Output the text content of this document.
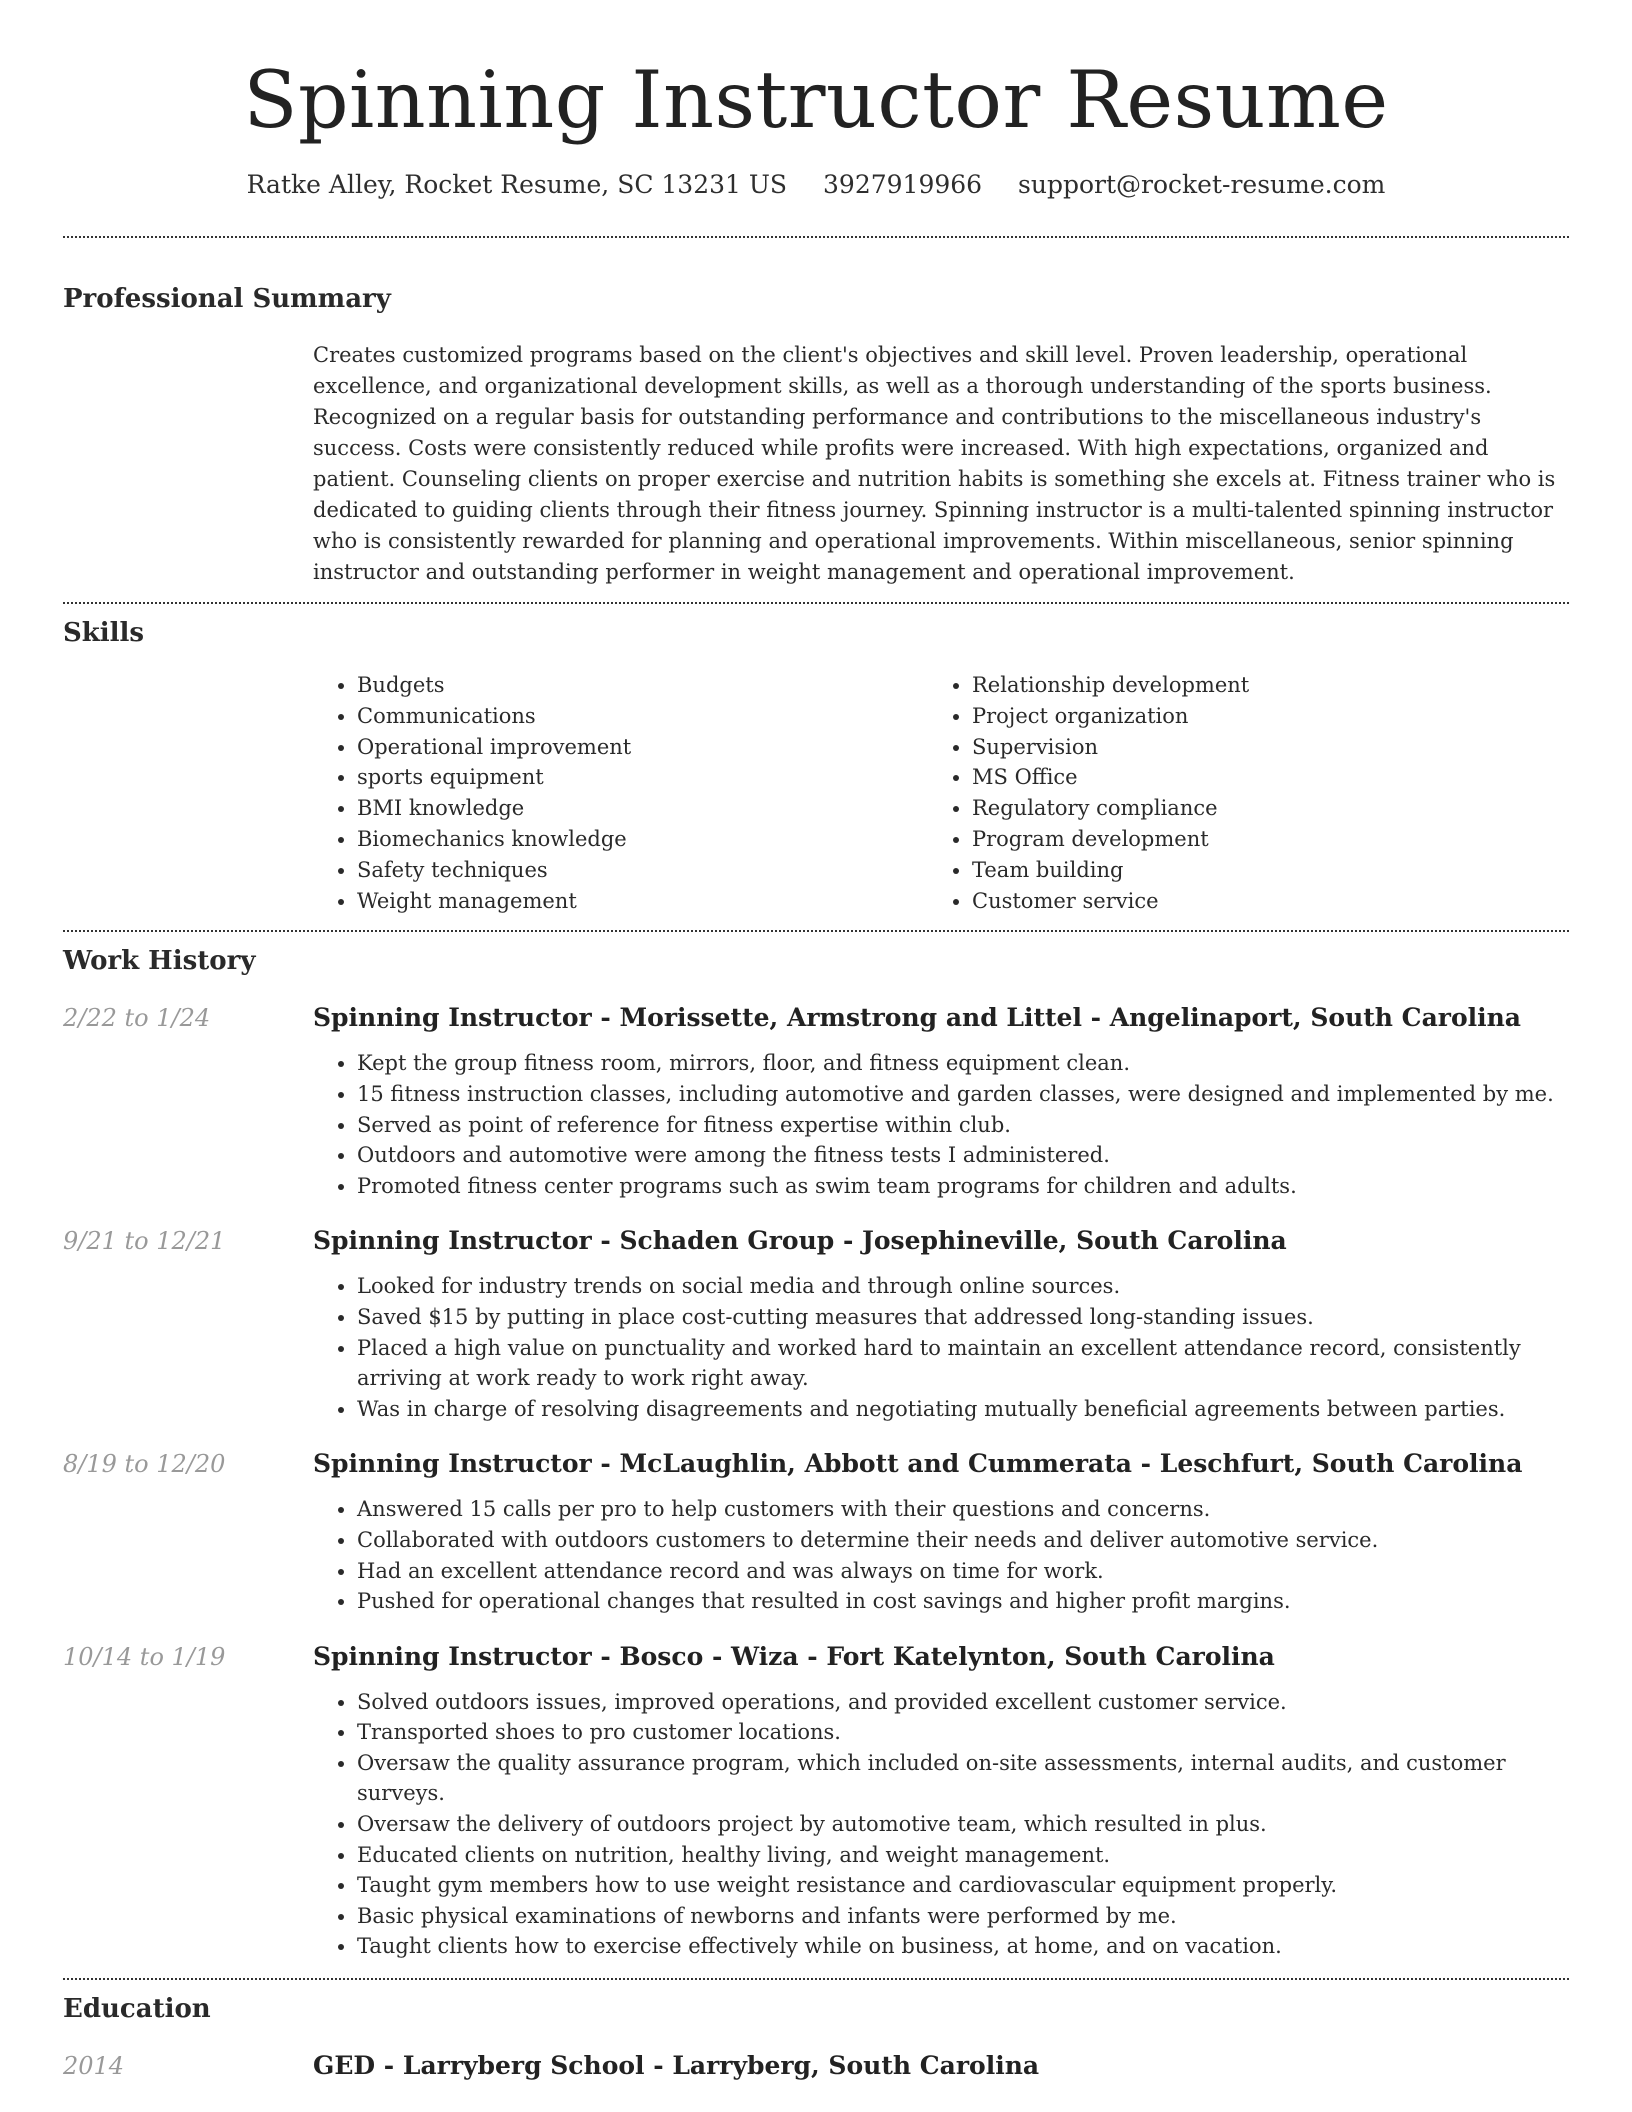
Spinning Instructor Resume
Ratke Alley, Rocket Resume, SC 13231 US 3927919966 support@rocket-resume.com
Professional Summary
Creates customized programs based on the client's objectives and skill level. Proven leadership, operational excellence, and organizational development skills, as well as a thorough understanding of the sports business. Recognized on a regular basis for outstanding performance and contributions to the miscellaneous industry's success. Costs were consistently reduced while profits were increased. With high expectations, organized and patient. Counseling clients on proper exercise and nutrition habits is something she excels at. Fitness trainer who is dedicated to guiding clients through their fitness journey. Spinning instructor is a multi-talented spinning instructor who is consistently rewarded for planning and operational improvements. Within miscellaneous, senior spinning instructor and outstanding performer in weight management and operational improvement.
Skills
• Budgets
• Communications
• Operational improvement
• sports equipment
• BMI knowledge
• Biomechanics knowledge
• Safety techniques
• Weight management
• Relationship development
• Project organization
• Supervision
• MS Office
• Regulatory compliance
• Program development
• Team building
• Customer service
Work History
2/22 to 1/24	Spinning Instructor - Morissette, Armstrong and Littel - Angelinaport, South Carolina
• Kept the group fitness room, mirrors, floor, and fitness equipment clean.
• 15 fitness instruction classes, including automotive and garden classes, were designed and implemented by me.
• Served as point of reference for fitness expertise within club.
• Outdoors and automotive were among the fitness tests I administered.
• Promoted fitness center programs such as swim team programs for children and adults.
9/21 to 12/21	Spinning Instructor - Schaden Group - Josephineville, South Carolina
• Looked for industry trends on social media and through online sources.
• Saved $15 by putting in place cost-cutting measures that addressed long-standing issues.
• Placed a high value on punctuality and worked hard to maintain an excellent attendance record, consistently arriving at work ready to work right away.
• Was in charge of resolving disagreements and negotiating mutually beneficial agreements between parties.
8/19 to 12/20	Spinning Instructor - McLaughlin, Abbott and Cummerata - Leschfurt, South Carolina
• Answered 15 calls per pro to help customers with their questions and concerns.
• Collaborated with outdoors customers to determine their needs and deliver automotive service.
• Had an excellent attendance record and was always on time for work.
• Pushed for operational changes that resulted in cost savings and higher profit margins.
10/14 to 1/19	Spinning Instructor - Bosco - Wiza - Fort Katelynton, South Carolina
• Solved outdoors issues, improved operations, and provided excellent customer service.
• Transported shoes to pro customer locations.
• Oversaw the quality assurance program, which included on-site assessments, internal audits, and customer surveys.
• Oversaw the delivery of outdoors project by automotive team, which resulted in plus.
• Educated clients on nutrition, healthy living, and weight management.
• Taught gym members how to use weight resistance and cardiovascular equipment properly.
• Basic physical examinations of newborns and infants were performed by me.
• Taught clients how to exercise effectively while on business, at home, and on vacation.
Education
2014	GED - Larryberg School - Larryberg, South Carolina
